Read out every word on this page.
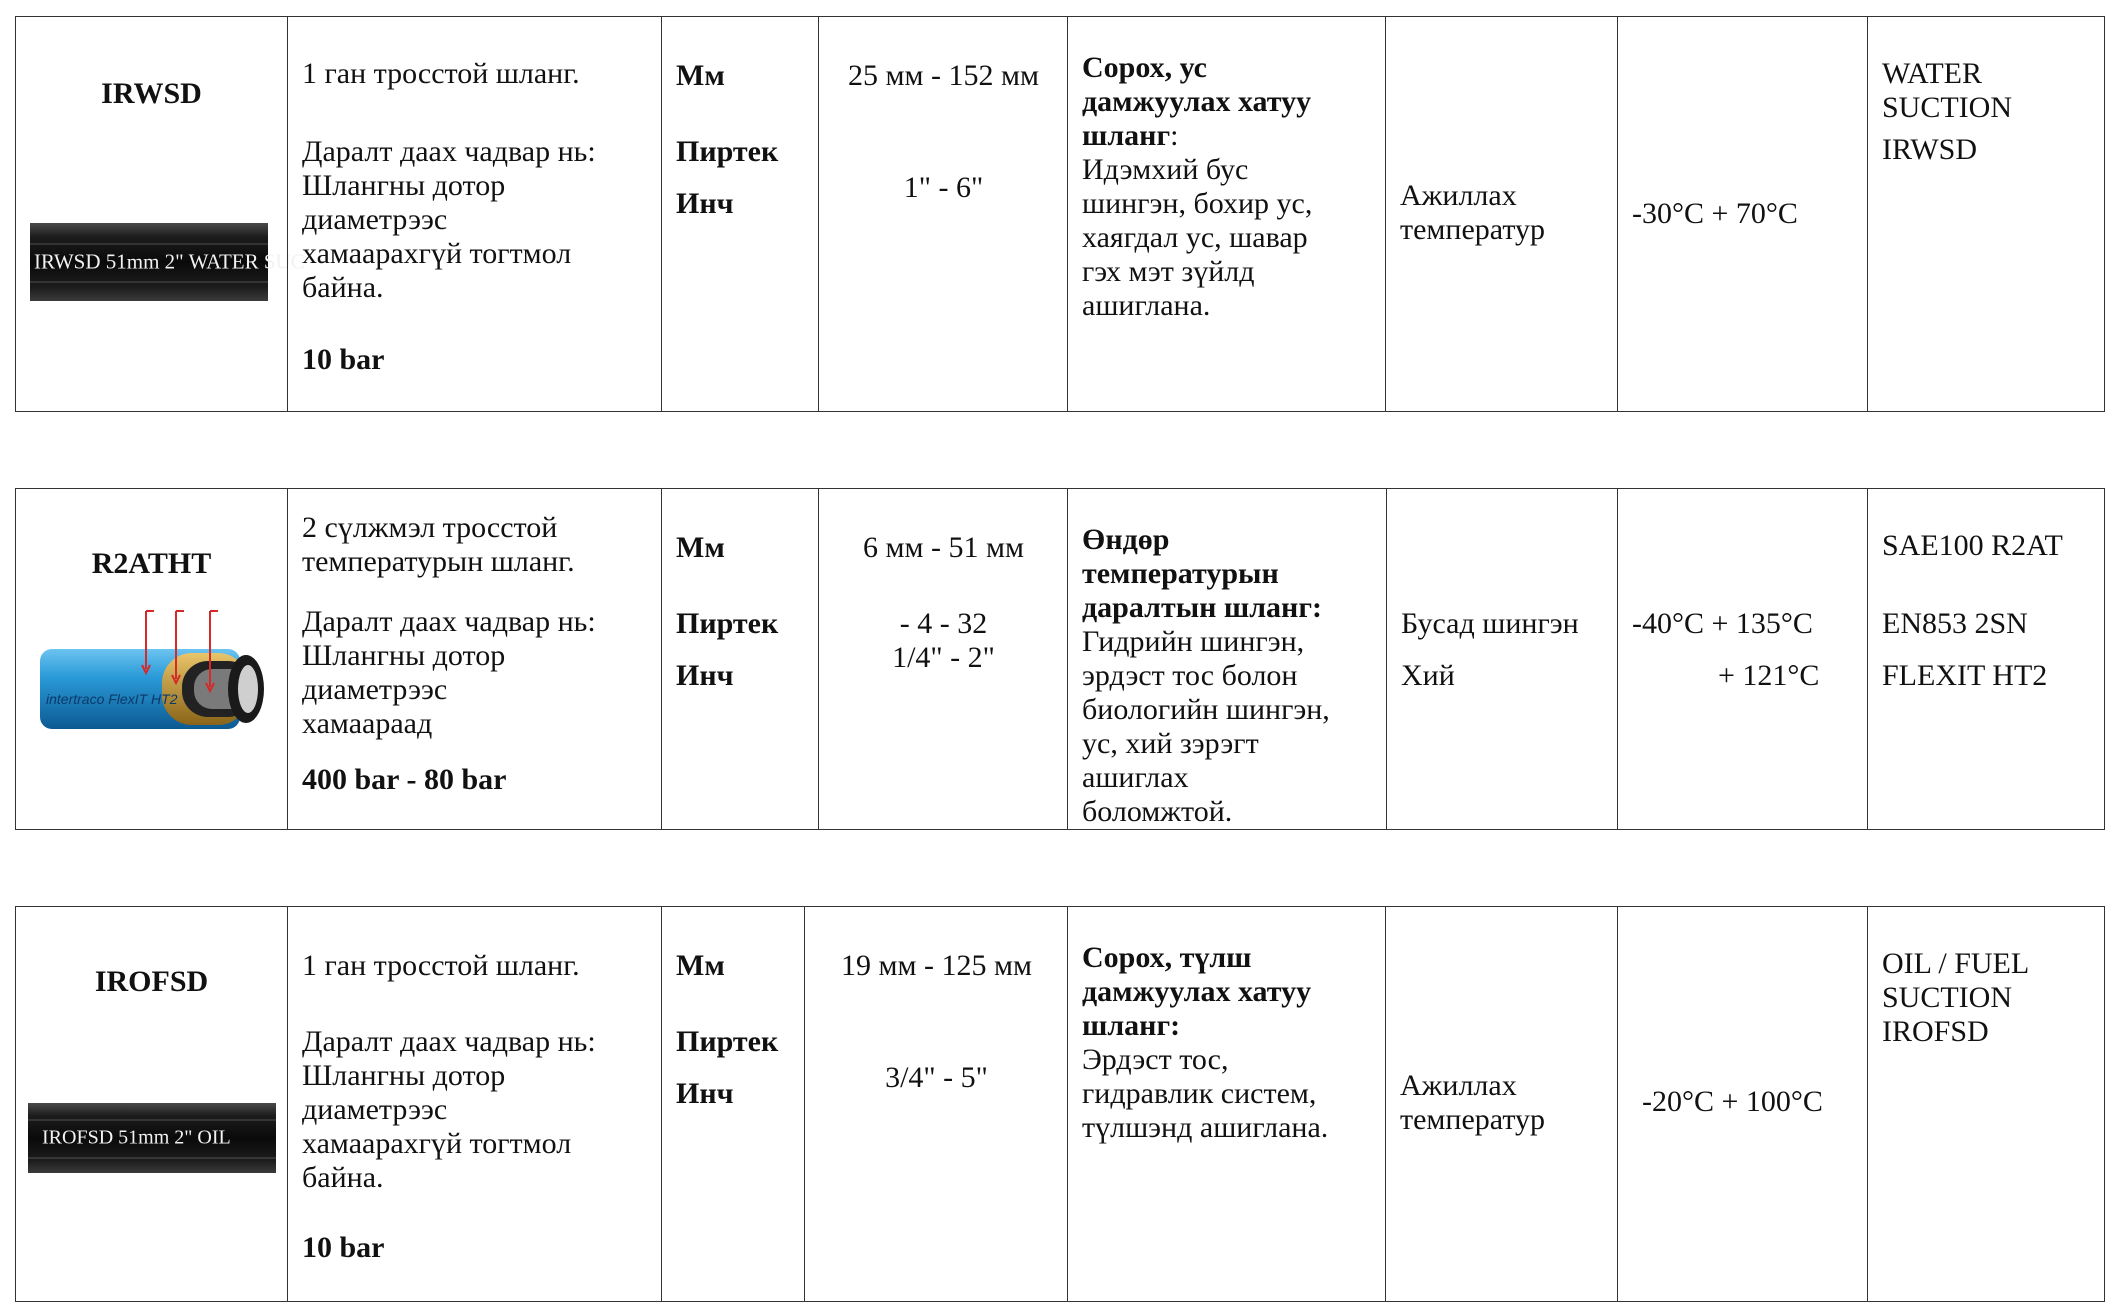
IRWSD
IRWSD 51mm 2" WATER SUC
1 ган тросстой шланг.
Даралт даах чадвар нь:
Шлангны дотор
диаметрээс
хамаарахгүй тогтмол
байна.
10 bar
Мм
Пиртек
Инч
25 мм - 152 мм
1" - 6"
Сорох, ус
дамжуулах хатуу
шланг:
Идэмхий бус
шингэн, бохир ус,
хаягдал ус, шавар
гэх мэт зүйлд
ашиглана.
Ажиллах
температур	-30°C + 70°C
WATER
SUCTION
IRWSD
R2ATHT
intertraco FlexIT HT2
2 сүлжмэл тросстой
температурын шланг.
Даралт даах чадвар нь:
Шлангны дотор
диаметрээс
хамаараад
400 bar - 80 bar
Мм
Пиртек
Инч
6 мм - 51 мм
- 4 - 32
1/4" - 2"
Өндөр
температурын
даралтын шланг:
Гидрийн шингэн,
эрдэст тос болон
биологийн шингэн,
ус, хий зэрэгт
ашиглах
боломжтой.
Бусад шингэн
Хий
-40°C + 135°C
+ 121°C
SAE100 R2AT
EN853 2SN
FLEXIT HT2
IROFSD
IROFSD 51mm 2" OIL
1 ган тросстой шланг.
Даралт даах чадвар нь:
Шлангны дотор
диаметрээс
хамаарахгүй тогтмол
байна.
10 bar
Мм
Пиртек
Инч
19 мм - 125 мм
3/4" - 5"
Сорох, түлш
дамжуулах хатуу
шланг:
Эрдэст тос,
гидравлик систем,
түлшэнд ашиглана.
Ажиллах
температур
-20°C + 100°C
OIL / FUEL
SUCTION
IROFSD
